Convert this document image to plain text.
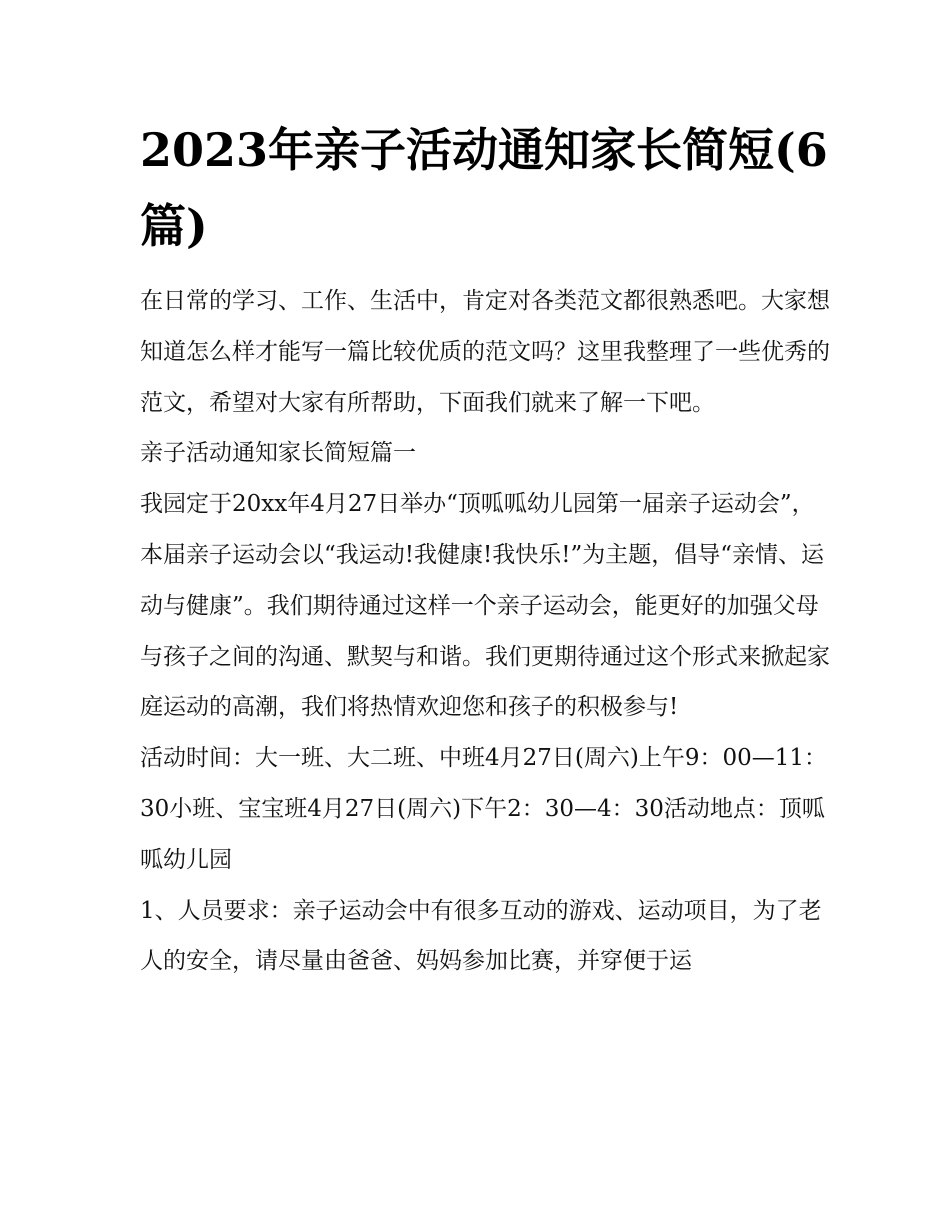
2023年亲子活动通知家长简短(6篇)

在日常的学习、工作、生活中，肯定对各类范文都很熟悉吧。大家想知道怎么样才能写一篇比较优质的范文吗？这里我整理了一些优秀的范文，希望对大家有所帮助，下面我们就来了解一下吧。

亲子活动通知家长简短篇一

我园定于20xx年4月27日举办“顶呱呱幼儿园第一届亲子运动会”，本届亲子运动会以“我运动!我健康!我快乐!”为主题，倡导“亲情、运动与健康”。我们期待通过这样一个亲子运动会，能更好的加强父母与孩子之间的沟通、默契与和谐。我们更期待通过这个形式来掀起家庭运动的高潮，我们将热情欢迎您和孩子的积极参与!

活动时间：大一班、大二班、中班4月27日(周六)上午9：00—11：30小班、宝宝班4月27日(周六)下午2：30—4：30活动地点：顶呱呱幼儿园

1、人员要求：亲子运动会中有很多互动的游戏、运动项目，为了老人的安全，请尽量由爸爸、妈妈参加比赛，并穿便于运
